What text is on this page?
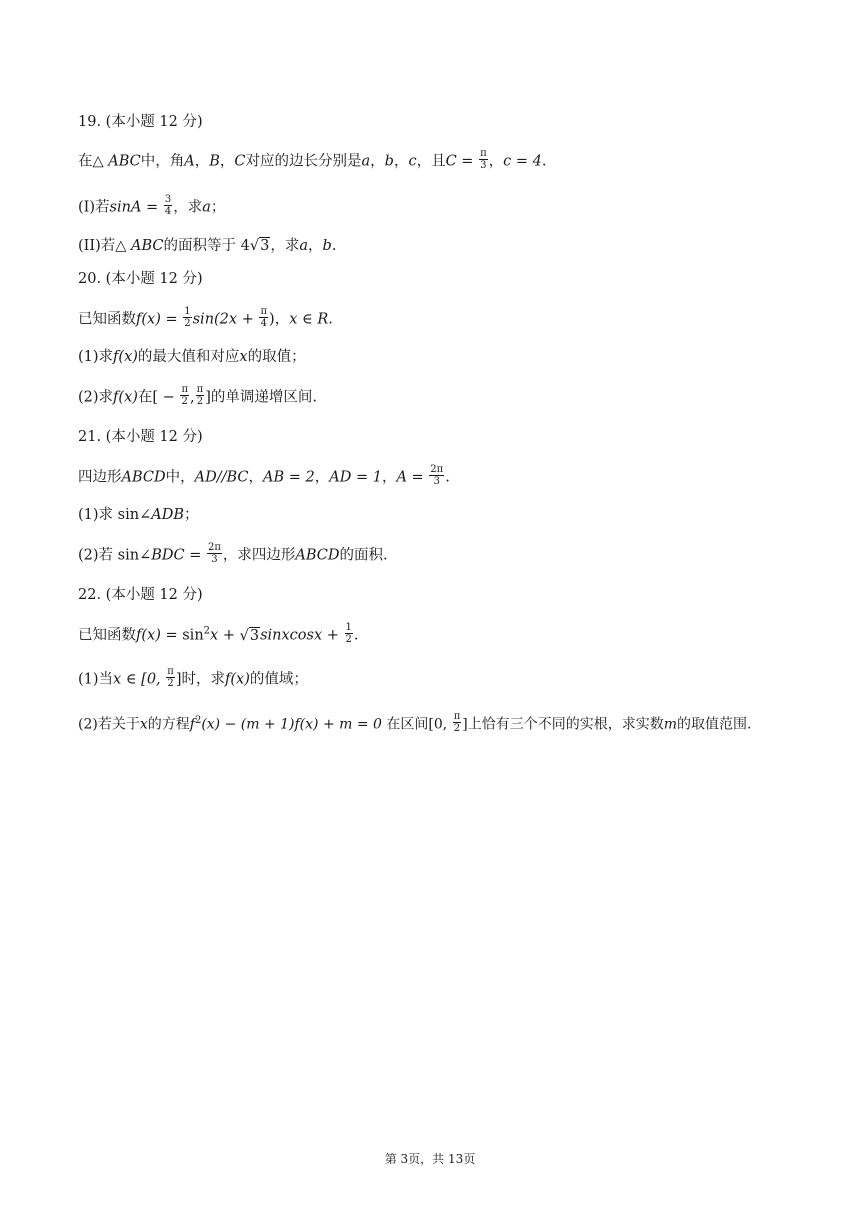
19. (本小题 12 分)
在△ ABC中，角A，B，C对应的边长分别是a，b，c，且$C = \frac{\pi}{3}$ ，c = 4.
(I)若$\sin A = \frac{3}{4}$ ，求a；
(II)若△ ABC的面积等于 4√3，求a，b.
20. (本小题 12 分)
已知函数$f(x) = \frac{1}{2} \sin(2x + \frac{\pi}{4}$ )，x ∈ R.
(1)求f(x)的最大值和对应x的取值；
(2)求f(x)在[ − $\frac{\pi}{2}$ , $\frac{\pi}{2}$ ]的单调递增区间.
21. (本小题 12 分)
四边形ABCD中，AD//BC，AB = 2，AD = 1，$A = \frac{2\pi}{3}$ .
(1)求 sin∠ADB；
(2)若 sin∠BDC = $\frac{2\pi}{3}$ ，求四边形ABCD的面积.
22. (本小题 12 分)
已知函数$f(x) = \sin^2x$ + √3sinxcosx + $\frac{1}{2}$ .
(1)当x ∈ [0, $\frac{\pi}{2}$ ]时，求f(x)的值域；
(2)若关于x的方程$f^2(x) - (m + 1)f(x) + m = 0$ 在区间[0, $\frac{\pi}{2}$ ]上恰有三个不同的实根，求实数m的取值范围.
第 3页，共 13页
